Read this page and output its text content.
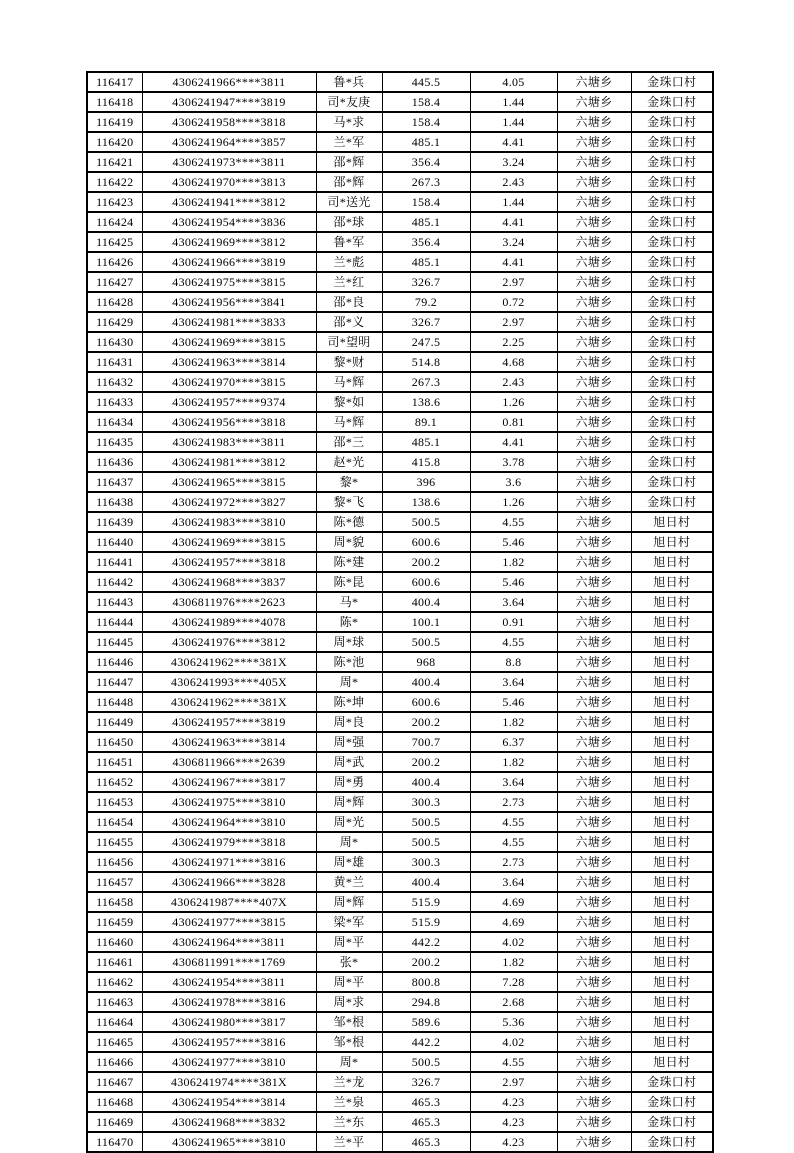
116417	4306241966****3811	鲁*兵	445.5	4.05	六塘乡	金珠口村
116418	4306241947****3819	司*友庚	158.4	1.44	六塘乡	金珠口村
116419	4306241958****3818	马*求	158.4	1.44	六塘乡	金珠口村
116420	4306241964****3857	兰*军	485.1	4.41	六塘乡	金珠口村
116421	4306241973****3811	邵*辉	356.4	3.24	六塘乡	金珠口村
116422	4306241970****3813	邵*辉	267.3	2.43	六塘乡	金珠口村
116423	4306241941****3812	司*送光	158.4	1.44	六塘乡	金珠口村
116424	4306241954****3836	邵*球	485.1	4.41	六塘乡	金珠口村
116425	4306241969****3812	鲁*军	356.4	3.24	六塘乡	金珠口村
116426	4306241966****3819	兰*彪	485.1	4.41	六塘乡	金珠口村
116427	4306241975****3815	兰*红	326.7	2.97	六塘乡	金珠口村
116428	4306241956****3841	邵*良	79.2	0.72	六塘乡	金珠口村
116429	4306241981****3833	邵*义	326.7	2.97	六塘乡	金珠口村
116430	4306241969****3815	司*望明	247.5	2.25	六塘乡	金珠口村
116431	4306241963****3814	黎*财	514.8	4.68	六塘乡	金珠口村
116432	4306241970****3815	马*辉	267.3	2.43	六塘乡	金珠口村
116433	4306241957****9374	黎*如	138.6	1.26	六塘乡	金珠口村
116434	4306241956****3818	马*辉	89.1	0.81	六塘乡	金珠口村
116435	4306241983****3811	邵*三	485.1	4.41	六塘乡	金珠口村
116436	4306241981****3812	赵*光	415.8	3.78	六塘乡	金珠口村
116437	4306241965****3815	黎*	396	3.6	六塘乡	金珠口村
116438	4306241972****3827	黎*飞	138.6	1.26	六塘乡	金珠口村
116439	4306241983****3810	陈*德	500.5	4.55	六塘乡	旭日村
116440	4306241969****3815	周*貌	600.6	5.46	六塘乡	旭日村
116441	4306241957****3818	陈*建	200.2	1.82	六塘乡	旭日村
116442	4306241968****3837	陈*昆	600.6	5.46	六塘乡	旭日村
116443	4306811976****2623	马*	400.4	3.64	六塘乡	旭日村
116444	4306241989****4078	陈*	100.1	0.91	六塘乡	旭日村
116445	4306241976****3812	周*球	500.5	4.55	六塘乡	旭日村
116446	4306241962****381X	陈*池	968	8.8	六塘乡	旭日村
116447	4306241993****405X	周*	400.4	3.64	六塘乡	旭日村
116448	4306241962****381X	陈*坤	600.6	5.46	六塘乡	旭日村
116449	4306241957****3819	周*良	200.2	1.82	六塘乡	旭日村
116450	4306241963****3814	周*强	700.7	6.37	六塘乡	旭日村
116451	4306811966****2639	周*武	200.2	1.82	六塘乡	旭日村
116452	4306241967****3817	周*勇	400.4	3.64	六塘乡	旭日村
116453	4306241975****3810	周*辉	300.3	2.73	六塘乡	旭日村
116454	4306241964****3810	周*光	500.5	4.55	六塘乡	旭日村
116455	4306241979****3818	周*	500.5	4.55	六塘乡	旭日村
116456	4306241971****3816	周*雄	300.3	2.73	六塘乡	旭日村
116457	4306241966****3828	黄*兰	400.4	3.64	六塘乡	旭日村
116458	4306241987****407X	周*辉	515.9	4.69	六塘乡	旭日村
116459	4306241977****3815	梁*军	515.9	4.69	六塘乡	旭日村
116460	4306241964****3811	周*平	442.2	4.02	六塘乡	旭日村
116461	4306811991****1769	张*	200.2	1.82	六塘乡	旭日村
116462	4306241954****3811	周*平	800.8	7.28	六塘乡	旭日村
116463	4306241978****3816	周*求	294.8	2.68	六塘乡	旭日村
116464	4306241980****3817	邹*根	589.6	5.36	六塘乡	旭日村
116465	4306241957****3816	邹*根	442.2	4.02	六塘乡	旭日村
116466	4306241977****3810	周*	500.5	4.55	六塘乡	旭日村
116467	4306241974****381X	兰*龙	326.7	2.97	六塘乡	金珠口村
116468	4306241954****3814	兰*泉	465.3	4.23	六塘乡	金珠口村
116469	4306241968****3832	兰*东	465.3	4.23	六塘乡	金珠口村
116470	4306241965****3810	兰*平	465.3	4.23	六塘乡	金珠口村
